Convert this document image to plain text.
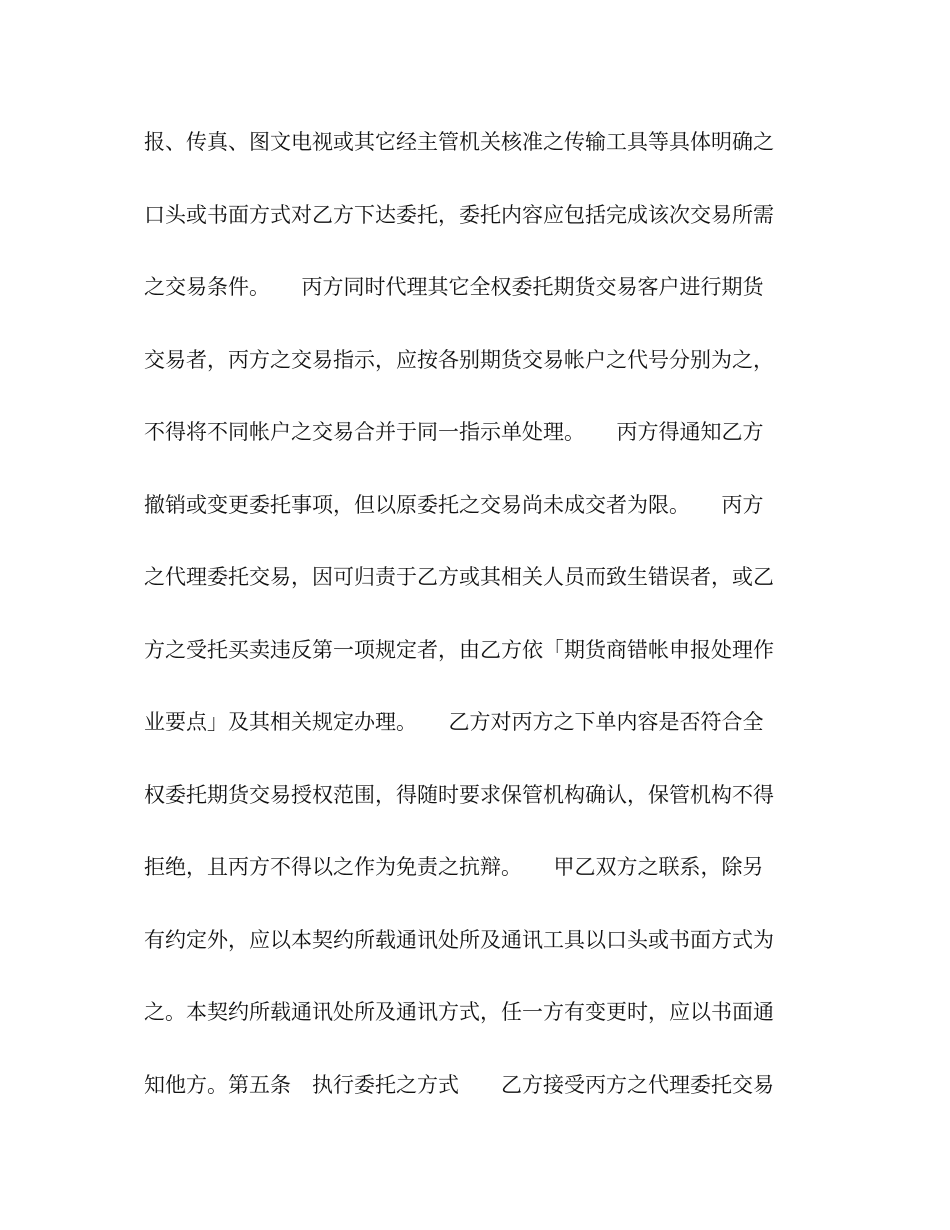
报、传真、图文电视或其它经主管机关核准之传输工具等具体明确之
口头或书面方式对乙方下达委托，委托内容应包括完成该次交易所需
之交易条件。　　丙方同时代理其它全权委托期货交易客户进行期货
交易者，丙方之交易指示，应按各别期货交易帐户之代号分别为之，
不得将不同帐户之交易合并于同一指示单处理。　　丙方得通知乙方
撤销或变更委托事项，但以原委托之交易尚未成交者为限。　　丙方
之代理委托交易，因可归责于乙方或其相关人员而致生错误者，或乙
方之受托买卖违反第一项规定者，由乙方依「期货商错帐申报处理作
业要点」及其相关规定办理。　　乙方对丙方之下单内容是否符合全
权委托期货交易授权范围，得随时要求保管机构确认，保管机构不得
拒绝，且丙方不得以之作为免责之抗辩。　　甲乙双方之联系，除另
有约定外，应以本契约所载通讯处所及通讯工具以口头或书面方式为
之。本契约所载通讯处所及通讯方式，任一方有变更时，应以书面通
知他方。第五条　执行委托之方式　　乙方接受丙方之代理委托交易
